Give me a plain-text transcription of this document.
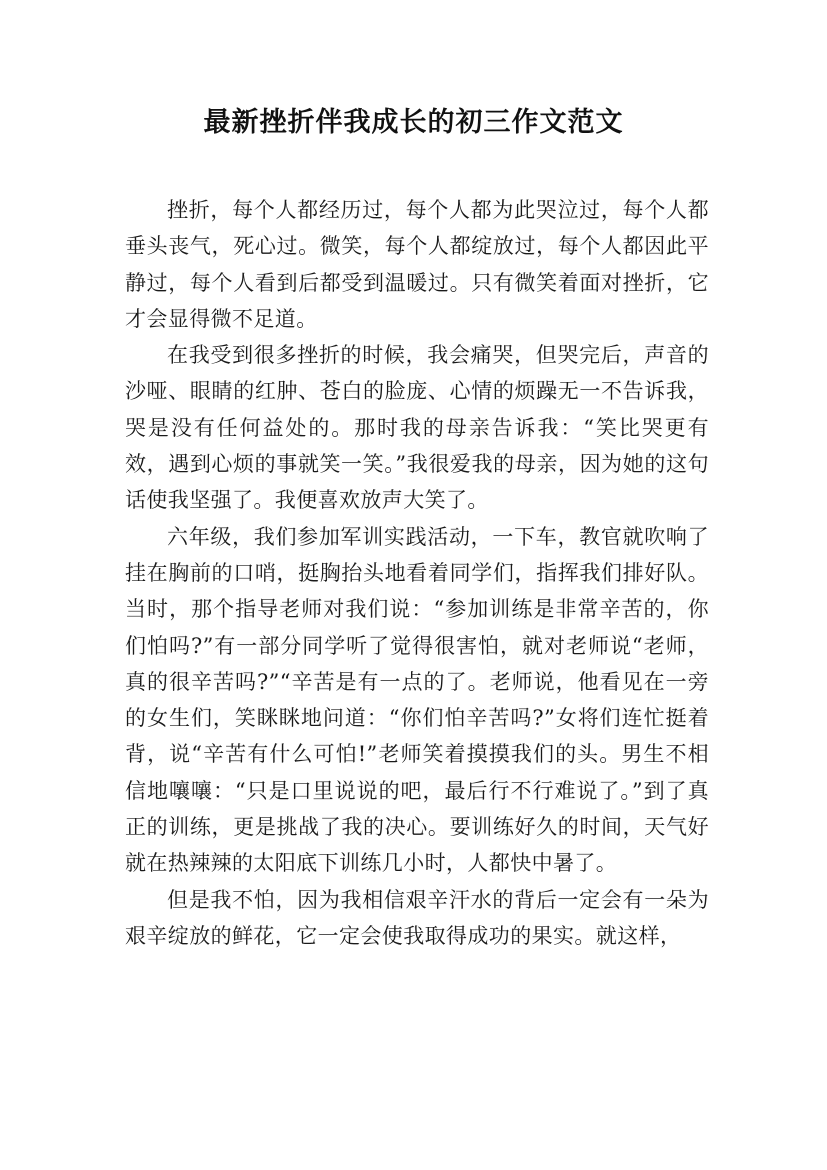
最新挫折伴我成长的初三作文范文

挫折，每个人都经历过，每个人都为此哭泣过，每个人都垂头丧气，死心过。微笑，每个人都绽放过，每个人都因此平静过，每个人看到后都受到温暖过。只有微笑着面对挫折，它才会显得微不足道。

在我受到很多挫折的时候，我会痛哭，但哭完后，声音的沙哑、眼睛的红肿、苍白的脸庞、心情的烦躁无一不告诉我，哭是没有任何益处的。那时我的母亲告诉我：“笑比哭更有效，遇到心烦的事就笑一笑。”我很爱我的母亲，因为她的这句话使我坚强了。我便喜欢放声大笑了。

六年级，我们参加军训实践活动，一下车，教官就吹响了挂在胸前的口哨，挺胸抬头地看着同学们，指挥我们排好队。当时，那个指导老师对我们说：“参加训练是非常辛苦的，你们怕吗?”有一部分同学听了觉得很害怕，就对老师说“老师，真的很辛苦吗?”“辛苦是有一点的了。老师说，他看见在一旁的女生们，笑眯眯地问道：“你们怕辛苦吗?”女将们连忙挺着背，说“辛苦有什么可怕!”老师笑着摸摸我们的头。男生不相信地嚷嚷：“只是口里说说的吧，最后行不行难说了。”到了真正的训练，更是挑战了我的决心。要训练好久的时间，天气好就在热辣辣的太阳底下训练几小时，人都快中暑了。

但是我不怕，因为我相信艰辛汗水的背后一定会有一朵为艰辛绽放的鲜花，它一定会使我取得成功的果实。就这样，
